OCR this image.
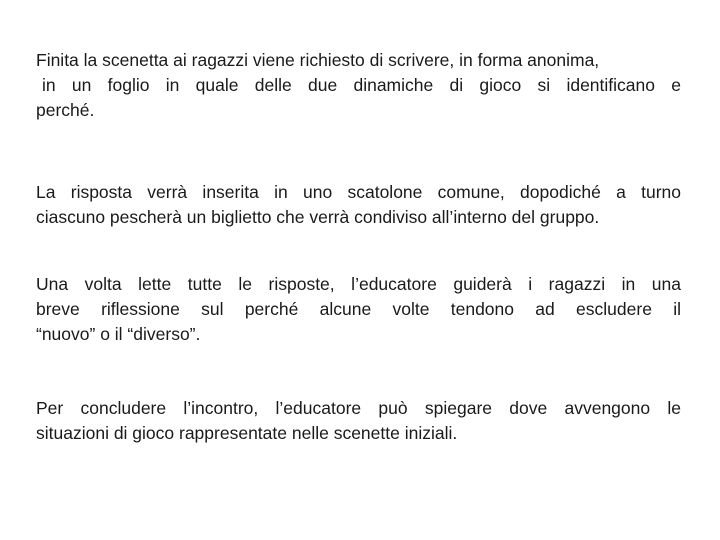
Finita la scenetta ai ragazzi viene richiesto di scrivere, in forma anonima,
in un foglio in quale delle due dinamiche di gioco si identificano e
perché.
La risposta verrà inserita in uno scatolone comune, dopodiché a turno
ciascuno pescherà un biglietto che verrà condiviso all’interno del gruppo.
Una volta lette tutte le risposte, l’educatore guiderà i ragazzi in una
breve riflessione sul perché alcune volte tendono ad escludere il
“nuovo” o il “diverso”.
Per concludere l’incontro, l’educatore può spiegare dove avvengono le
situazioni di gioco rappresentate nelle scenette iniziali.
